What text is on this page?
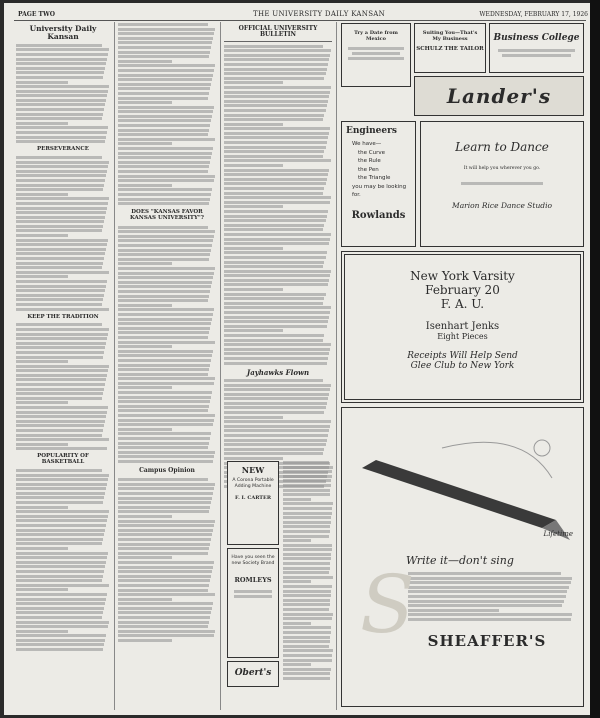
PAGE TWO	THE UNIVERSITY DAILY KANSAN	WEDNESDAY, FEBRUARY 17, 1926
University Daily Kansan
PERSEVERANCE
KEEP THE TRADITION
POPULARITY OF BASKETBALL
DOES "KANSAS FAVOR KANSAS UNIVERSITY"?
Campus Opinion
OFFICIAL UNIVERSITY BULLETIN
Jayhawks Flown
NEW
A Corona Portable Adding Machine
F. I. CARTER
Have you seen the new Society Brand
ROMLEYS
Obert's
Try a Date from Mexico
Suiting You—That's My Business
SCHULZ THE TAILOR
Business College
Lander's
Engineers
We have—
the Curve
the Rule
the Pen
the Triangle
you may be looking for.
Rowlands
Learn to Dance
It will help you wherever you go.
Marion Rice Dance Studio
New York Varsity
February 20
F. A. U.
Isenhart Jenks
Eight Pieces
Receipts Will Help Send Glee Club to New York
Lifetime
Write it—don't sing
SHEAFFER'S
S
